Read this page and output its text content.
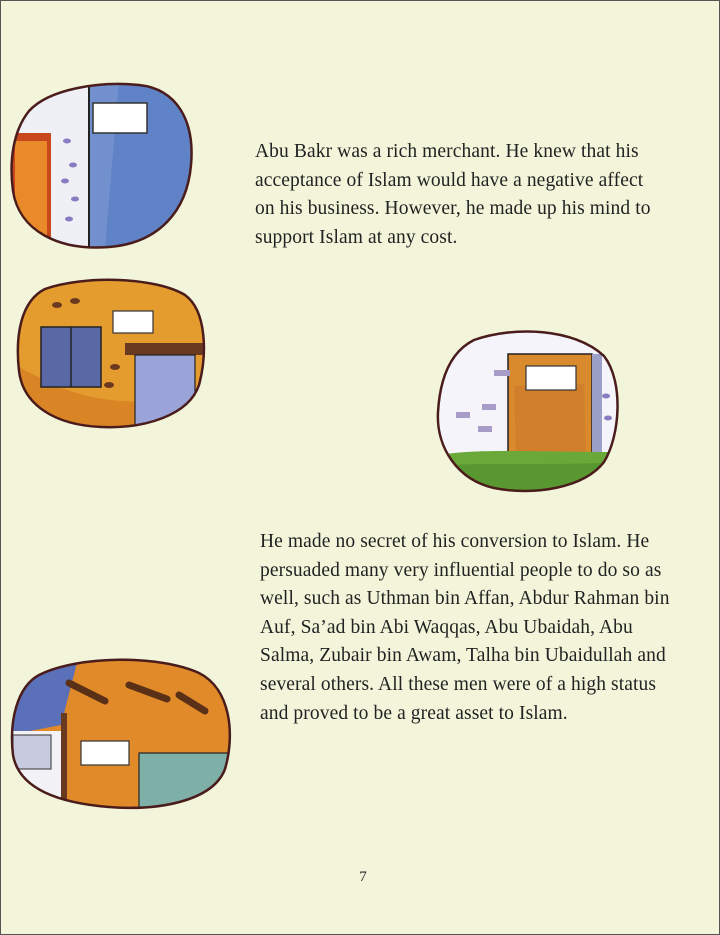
Abu Bakr was a rich merchant. He knew that his acceptance of Islam would have a negative affect on his business. However, he made up his mind to support Islam at any cost.

He made no secret of his conversion to Islam. He persuaded many very influential people to do so as well, such as Uthman bin Affan, Abdur Rahman bin Auf, Sa’ad bin Abi Waqqas, Abu Ubaidah, Abu Salma, Zubair bin Awam, Talha bin Ubaidullah and several others. All these men were of a high status and proved to be a great asset to Islam.

7
